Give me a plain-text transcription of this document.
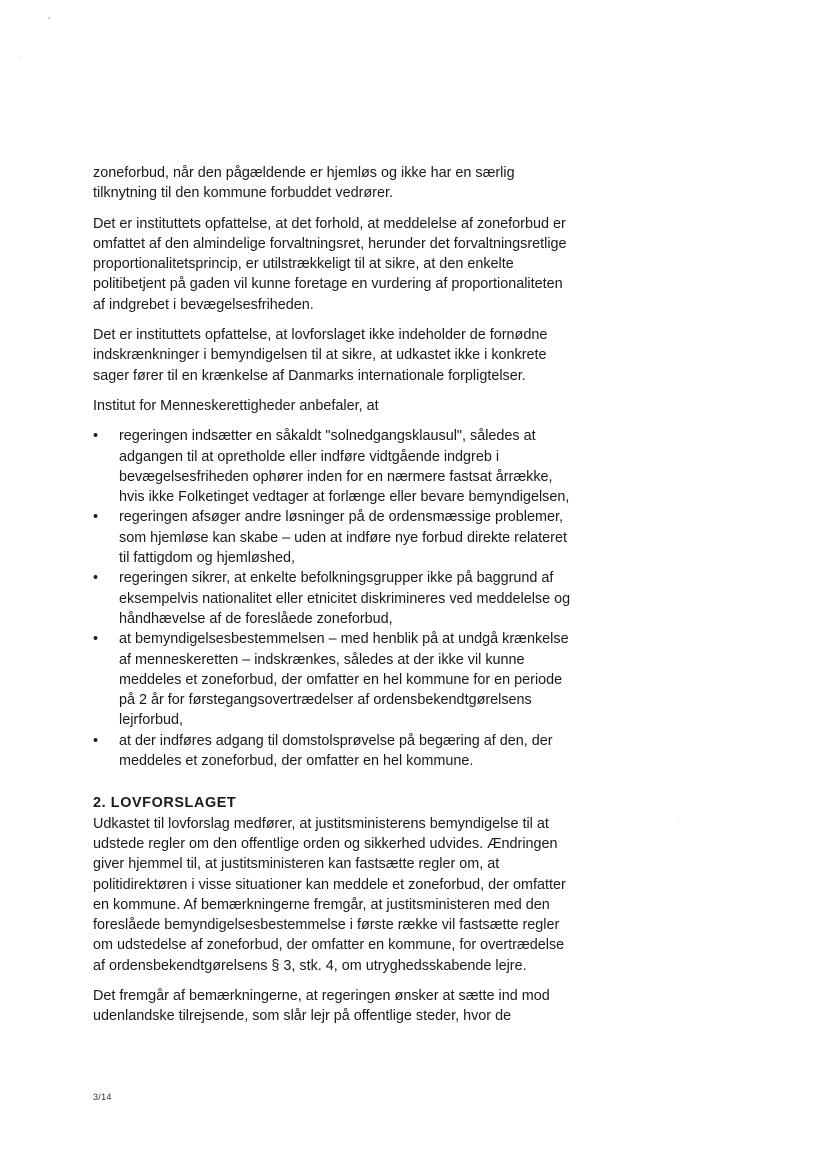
zoneforbud, når den pågældende er hjemløs og ikke har en særlig tilknytning til den kommune forbuddet vedrører.

Det er instituttets opfattelse, at det forhold, at meddelelse af zoneforbud er omfattet af den almindelige forvaltningsret, herunder det forvaltningsretlige proportionalitetsprincip, er utilstrækkeligt til at sikre, at den enkelte politibetjent på gaden vil kunne foretage en vurdering af proportionaliteten af indgrebet i bevægelsesfriheden.

Det er instituttets opfattelse, at lovforslaget ikke indeholder de fornødne indskrænkninger i bemyndigelsen til at sikre, at udkastet ikke i konkrete sager fører til en krænkelse af Danmarks internationale forpligtelser.

Institut for Menneskerettigheder anbefaler, at

• regeringen indsætter en såkaldt "solnedgangsklausul", således at adgangen til at opretholde eller indføre vidtgående indgreb i bevægelsesfriheden ophører inden for en nærmere fastsat årrække, hvis ikke Folketinget vedtager at forlænge eller bevare bemyndigelsen,
• regeringen afsøger andre løsninger på de ordensmæssige problemer, som hjemløse kan skabe – uden at indføre nye forbud direkte relateret til fattigdom og hjemløshed,
• regeringen sikrer, at enkelte befolkningsgrupper ikke på baggrund af eksempelvis nationalitet eller etnicitet diskrimineres ved meddelelse og håndhævelse af de foreslåede zoneforbud,
• at bemyndigelsesbestemmelsen – med henblik på at undgå krænkelse af menneskeretten – indskrænkes, således at der ikke vil kunne meddeles et zoneforbud, der omfatter en hel kommune for en periode på 2 år for førstegangsovertrædelser af ordensbekendtgørelsens lejrforbud,
• at der indføres adgang til domstolsprøvelse på begæring af den, der meddeles et zoneforbud, der omfatter en hel kommune.
2. LOVFORSLAGET

Udkastet til lovforslag medfører, at justitsministerens bemyndigelse til at udstede regler om den offentlige orden og sikkerhed udvides. Ændringen giver hjemmel til, at justitsministeren kan fastsætte regler om, at politidirektøren i visse situationer kan meddele et zoneforbud, der omfatter en kommune. Af bemærkningerne fremgår, at justitsministeren med den foreslåede bemyndigelsesbestemmelse i første række vil fastsætte regler om udstedelse af zoneforbud, der omfatter en kommune, for overtrædelse af ordensbekendtgørelsens § 3, stk. 4, om utryghedsskabende lejre.

Det fremgår af bemærkningerne, at regeringen ønsker at sætte ind mod udenlandske tilrejsende, som slår lejr på offentlige steder, hvor de

3/14
